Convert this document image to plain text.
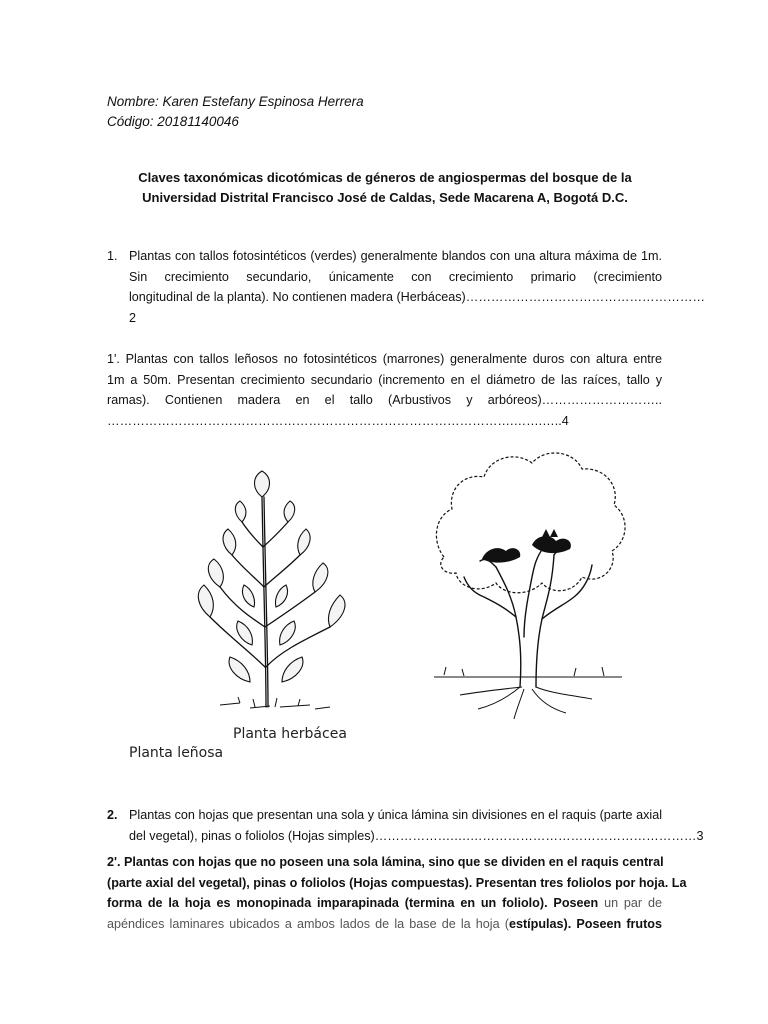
Nombre: Karen Estefany Espinosa Herrera
Código: 20181140046
Claves taxonómicas dicotómicas de géneros de angiospermas del bosque de la
Universidad Distrital Francisco José de Caldas, Sede Macarena A, Bogotá D.C.
1. Plantas con tallos fotosintéticos (verdes) generalmente blandos con una altura máxima de 1m.
Sin crecimiento secundario, únicamente con crecimiento primario (crecimiento
longitudinal de la planta). No contienen madera (Herbáceas)…………………………………………………
2
1'. Plantas con tallos leñosos no fotosintéticos (marrones) generalmente duros con altura entre
1m a 50m. Presentan crecimiento secundario (incremento en el diámetro de las raíces, tallo y
ramas). Contienen madera en el tallo (Arbustivos y arbóreos)………………………..
…………………………………………………………………………………….…….…..4
Planta herbácea
Planta leñosa
2. Plantas con hojas que presentan una sola y única lámina sin divisiones en el raquis (parte axial
del vegetal), pinas o foliolos (Hojas simples)……………….….………………………………………………3
2'. Plantas con hojas que no poseen una sola lámina, sino que se dividen en el raquis central
(parte axial del vegetal), pinas o foliolos (Hojas compuestas). Presentan tres foliolos por hoja. La
forma de la hoja es monopinada imparapinada (termina en un foliolo). Poseen un par de
apéndices laminares ubicados a ambos lados de la base de la hoja (estípulas). Poseen frutos
